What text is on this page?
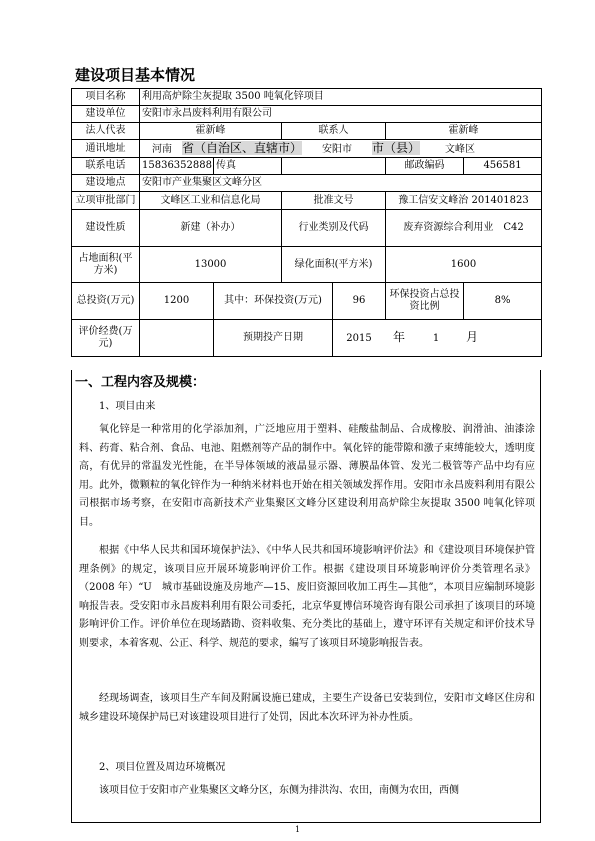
建设项目基本情况
项目名称	利用高炉除尘灰提取 3500 吨氧化锌项目					
建设单位	安阳市永昌废料利用有限公司					
法人代表	霍新峰		联系人		霍新峰	
通讯地址	河南 省（自治区、直辖市） 安阳市 市（县） 文峰区					
联系电话	15836352888	传真			邮政编码	456581
建设地点	安阳市产业集聚区文峰分区					
立项审批部门	文峰区工业和信息化局		批准文号		豫工信安文峰治 201401823	
建设性质	新建（补办）		行业类别及代码		废弃资源综合利用业　C42	
占地面积(平方米)	13000		绿化面积(平方米)		1600	
总投资(万元)	1200	其中：环保投资(万元)		96	环保投资占总投资比例	8%
评价经费(万元)		预期投产日期		2015 年 1 月		
一、工程内容及规模：

1、项目由来

氧化锌是一种常用的化学添加剂，广泛地应用于塑料、硅酸盐制品、合成橡胶、润滑油、油漆涂料、药膏、粘合剂、食品、电池、阻燃剂等产品的制作中。氧化锌的能带隙和激子束缚能较大，透明度高，有优异的常温发光性能，在半导体领域的液晶显示器、薄膜晶体管、发光二极管等产品中均有应用。此外，微颗粒的氧化锌作为一种纳米材料也开始在相关领域发挥作用。安阳市永昌废料利用有限公司根据市场考察，在安阳市高新技术产业集聚区文峰分区建设利用高炉除尘灰提取 3500 吨氧化锌项目。

根据《中华人民共和国环境保护法》、《中华人民共和国环境影响评价法》和《建设项目环境保护管理条例》的规定，该项目应开展环境影响评价工作。根据《建设项目环境影响评价分类管理名录》（2008 年）“U　城市基础设施及房地产—15、废旧资源回收加工再生—其他”，本项目应编制环境影响报告表。受安阳市永昌废料利用有限公司委托，北京华夏博信环境咨询有限公司承担了该项目的环境影响评价工作。评价单位在现场踏勘、资料收集、充分类比的基础上，遵守环评有关规定和评价技术导则要求，本着客观、公正、科学、规范的要求，编写了该项目环境影响报告表。

经现场调查，该项目生产车间及附属设施已建成，主要生产设备已安装到位，安阳市文峰区住房和城乡建设环境保护局已对该建设项目进行了处罚，因此本次环评为补办性质。

2、项目位置及周边环境概况

该项目位于安阳市产业集聚区文峰分区，东侧为排洪沟、农田，南侧为农田，西侧

1
